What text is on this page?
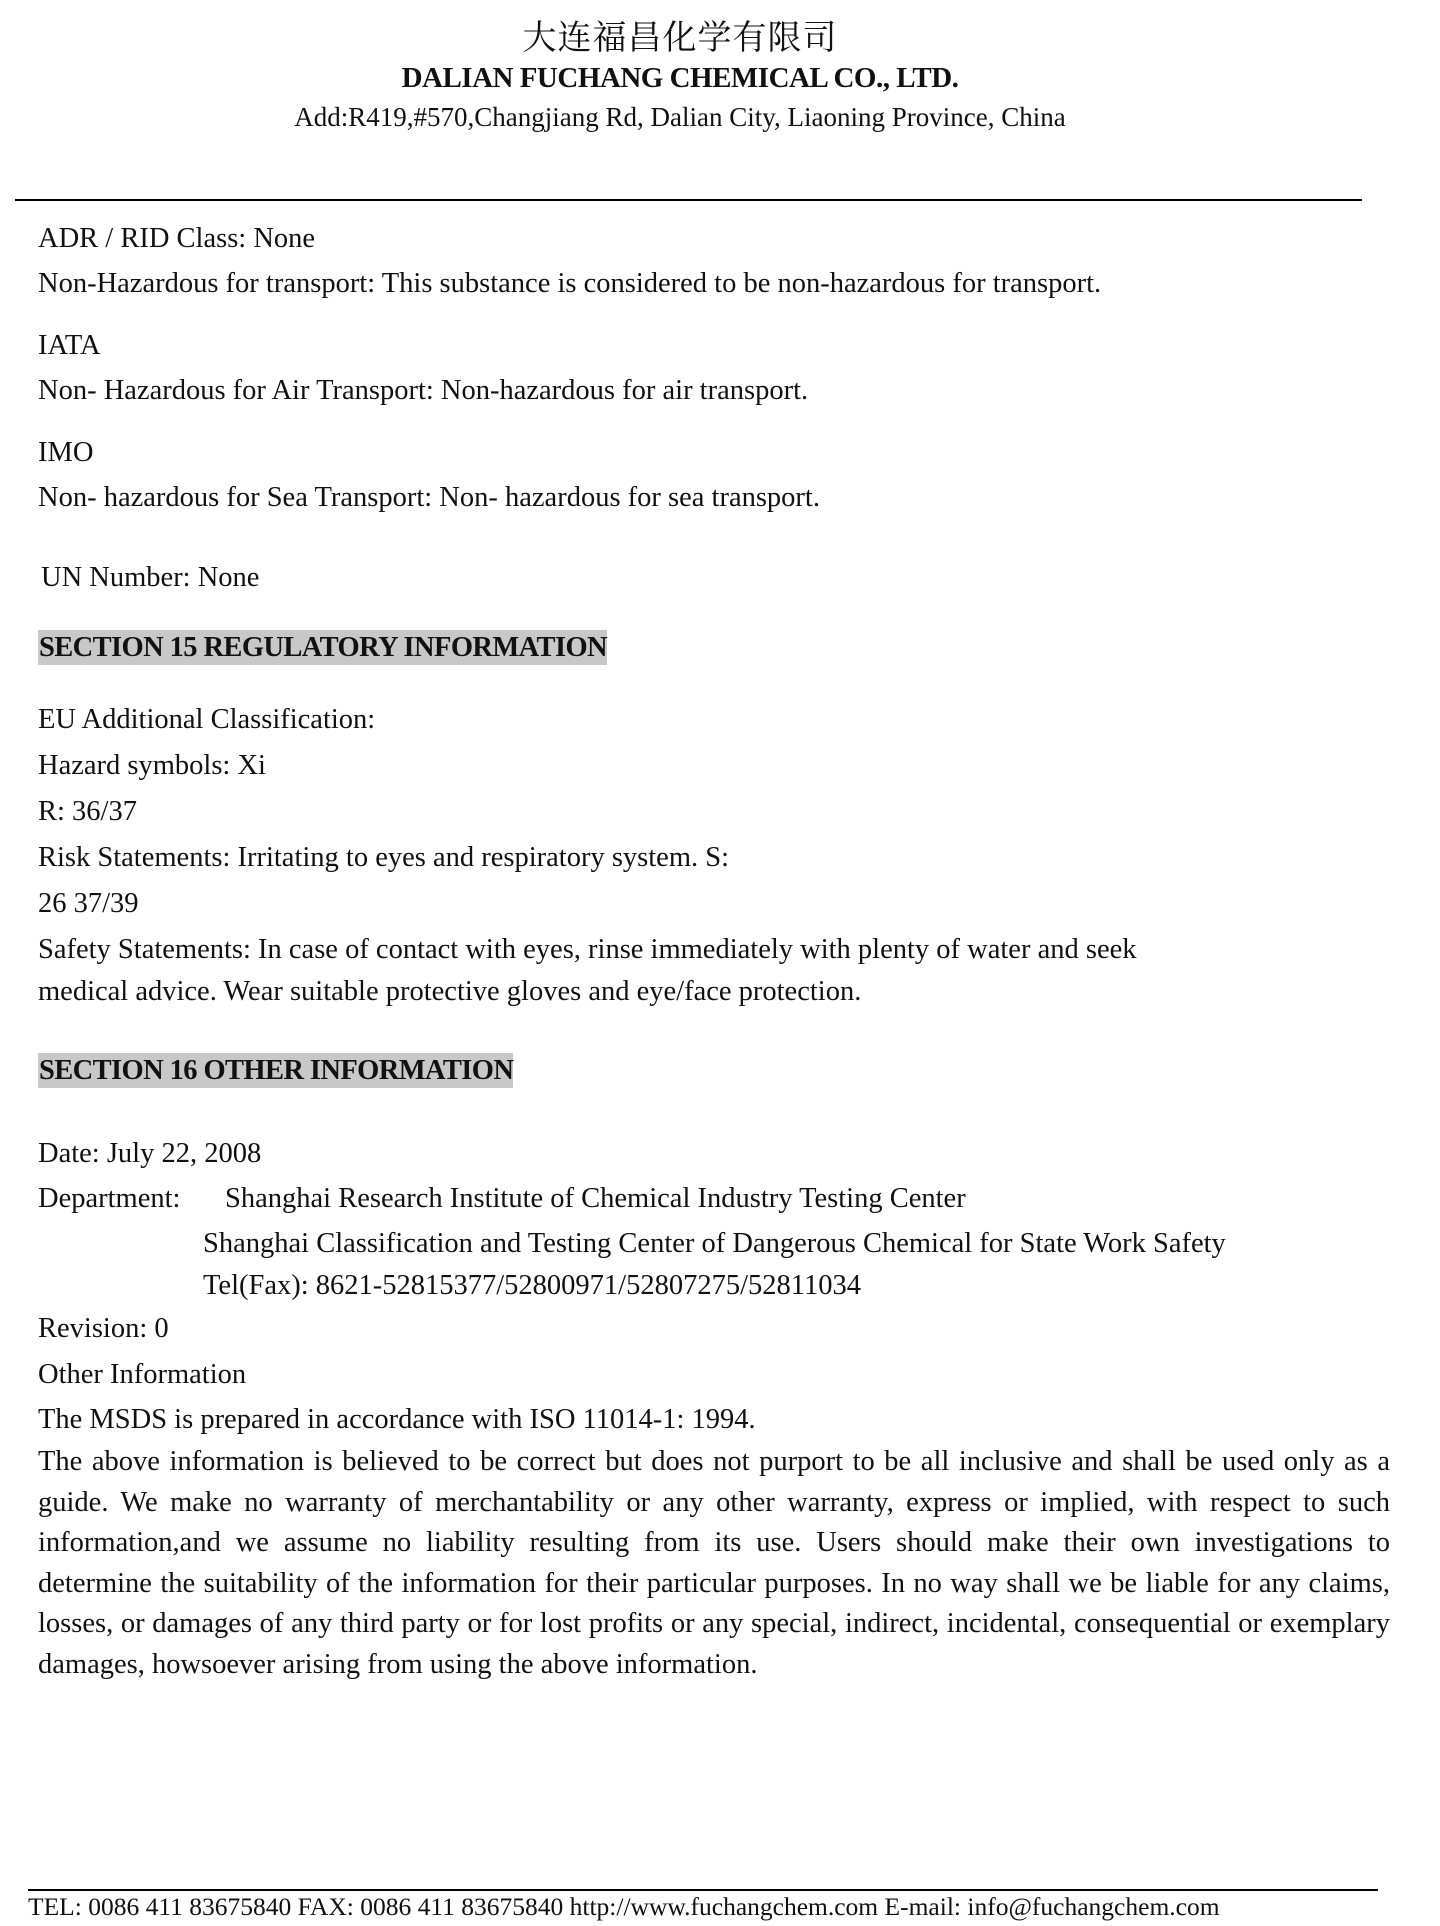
大连福昌化学有限司
DALIAN FUCHANG CHEMICAL CO., LTD.
Add:R419,#570,Changjiang Rd, Dalian City, Liaoning Province, China
ADR / RID Class: None
Non-Hazardous for transport: This substance is considered to be non-hazardous for transport.
IATA
Non- Hazardous for Air Transport: Non-hazardous for air transport.
IMO
Non- hazardous for Sea Transport: Non- hazardous for sea transport.
UN Number: None
SECTION 15 REGULATORY INFORMATION
EU Additional Classification:
Hazard symbols: Xi
R: 36/37
Risk Statements: Irritating to eyes and respiratory system. S:
26 37/39
Safety Statements: In case of contact with eyes, rinse immediately with plenty of water and seek
medical advice. Wear suitable protective gloves and eye/face protection.
SECTION 16 OTHER INFORMATION
Date: July 22, 2008
Department: Shanghai Research Institute of Chemical Industry Testing Center
Shanghai Classification and Testing Center of Dangerous Chemical for State Work Safety
Tel(Fax): 8621-52815377/52800971/52807275/52811034
Revision: 0
Other Information
The MSDS is prepared in accordance with ISO 11014-1: 1994.
The above information is believed to be correct but does not purport to be all inclusive and shall be used only as a guide. We make no warranty of merchantability or any other warranty, express or implied, with respect to such information,and we assume no liability resulting from its use. Users should make their own investigations to determine the suitability of the information for their particular purposes. In no way shall we be liable for any claims, losses, or damages of any third party or for lost profits or any special, indirect, incidental, consequential or exemplary damages, howsoever arising from using the above information.
TEL: 0086 411 83675840 FAX: 0086 411 83675840 http://www.fuchangchem.com E-mail: info@fuchangchem.com
